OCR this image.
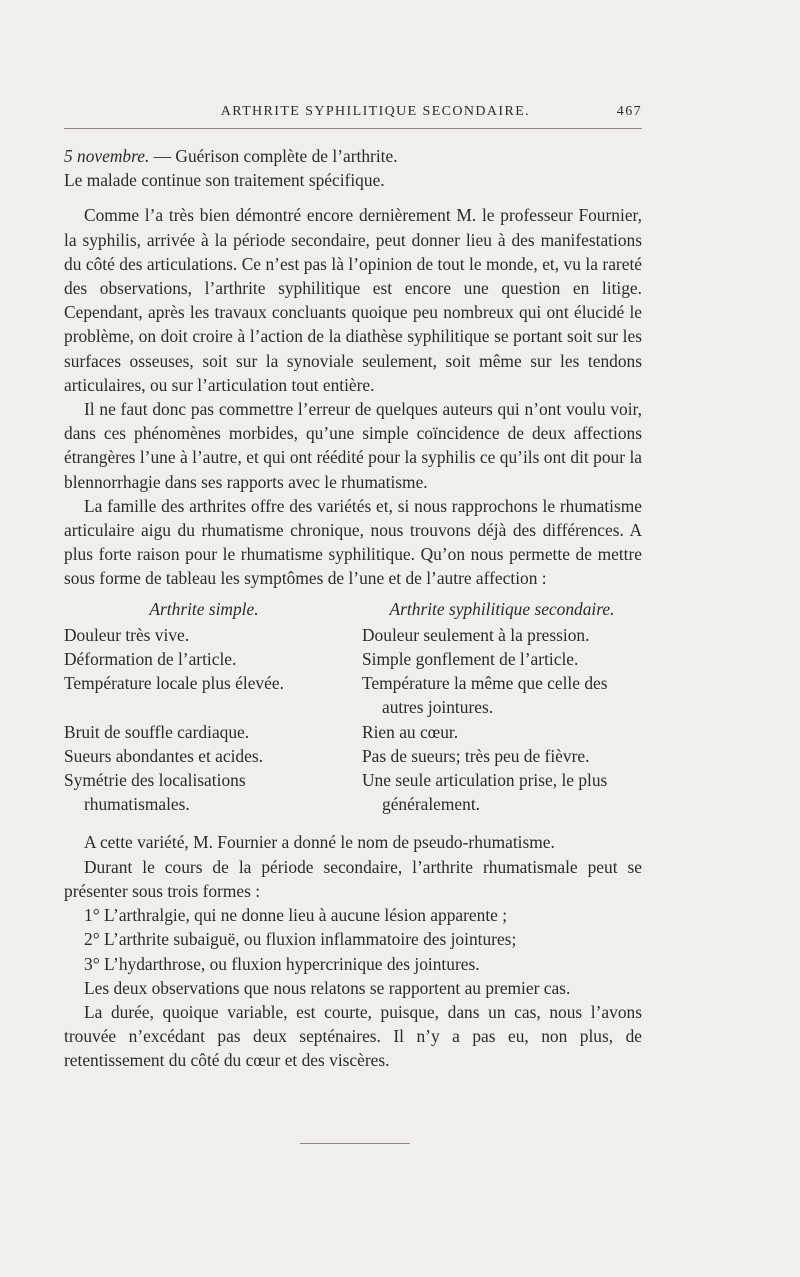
ARTHRITE SYPHILITIQUE SECONDAIRE.	467

5 novembre. — Guérison complète de l’arthrite.

Le malade continue son traitement spécifique.

Comme l’a très bien démontré encore dernièrement M. le professeur Fournier, la syphilis, arrivée à la période secondaire, peut donner lieu à des manifestations du côté des articulations. Ce n’est pas là l’opinion de tout le monde, et, vu la rareté des observations, l’arthrite syphilitique est encore une question en litige. Cependant, après les travaux concluants quoique peu nombreux qui ont élucidé le problème, on doit croire à l’action de la diathèse syphilitique se portant soit sur les surfaces osseuses, soit sur la synoviale seulement, soit même sur les tendons articulaires, ou sur l’articulation tout entière.

Il ne faut donc pas commettre l’erreur de quelques auteurs qui n’ont voulu voir, dans ces phénomènes morbides, qu’une simple coïncidence de deux affections étrangères l’une à l’autre, et qui ont réédité pour la syphilis ce qu’ils ont dit pour la blennorrhagie dans ses rapports avec le rhumatisme.

La famille des arthrites offre des variétés et, si nous rapprochons le rhumatisme articulaire aigu du rhumatisme chronique, nous trouvons déjà des différences. A plus forte raison pour le rhumatisme syphilitique. Qu’on nous permette de mettre sous forme de tableau les symptômes de l’une et de l’autre affection :

Arthrite simple.
Douleur très vive.
Déformation de l’article.
Température locale plus élevée.
Bruit de souffle cardiaque.
Sueurs abondantes et acides.
Symétrie des localisations rhumatismales.
Arthrite syphilitique secondaire.
Douleur seulement à la pression.
Simple gonflement de l’article.
Température la même que celle des autres jointures.
Rien au cœur.
Pas de sueurs; très peu de fièvre.
Une seule articulation prise, le plus généralement.

A cette variété, M. Fournier a donné le nom de pseudo-rhumatisme.

Durant le cours de la période secondaire, l’arthrite rhumatismale peut se présenter sous trois formes :

1° L’arthralgie, qui ne donne lieu à aucune lésion apparente ;

2° L’arthrite subaiguë, ou fluxion inflammatoire des jointures;

3° L’hydarthrose, ou fluxion hypercrinique des jointures.

Les deux observations que nous relatons se rapportent au premier cas.

La durée, quoique variable, est courte, puisque, dans un cas, nous l’avons trouvée n’excédant pas deux septénaires. Il n’y a pas eu, non plus, de retentissement du côté du cœur et des viscères.
